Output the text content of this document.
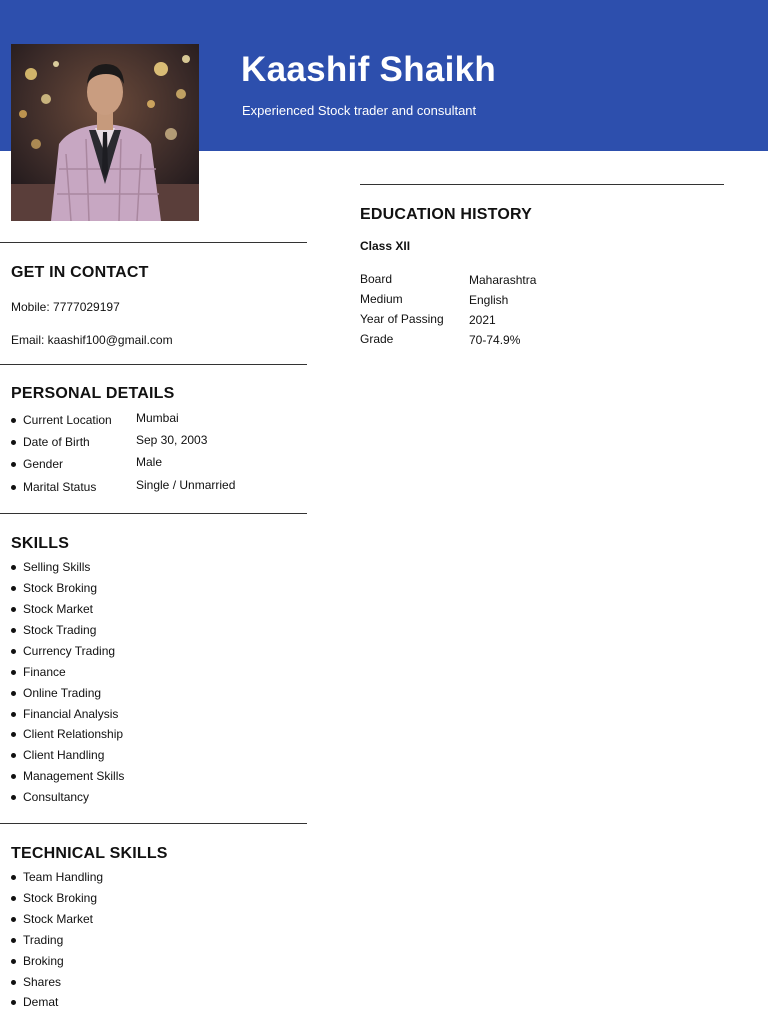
Kaashif Shaikh
Experienced Stock trader and consultant
GET IN CONTACT
Mobile: 7777029197
Email: kaashif100@gmail.com
PERSONAL DETAILS
Current Location Mumbai
Date of Birth	Sep 30, 2003
Gender	Male
Marital Status	Single / Unmarried
SKILLS
Selling Skills
Stock Broking
Stock Market
Stock Trading
Currency Trading
Finance
Online Trading
Financial Analysis
Client Relationship
Client Handling
Management Skills
Consultancy
TECHNICAL SKILLS
Team Handling
Stock Broking
Stock Market
Trading
Broking
Shares
Demat
EDUCATION HISTORY
Class XII
Board	Maharashtra
Medium	English
Year of Passing 2021
Grade	70-74.9%
